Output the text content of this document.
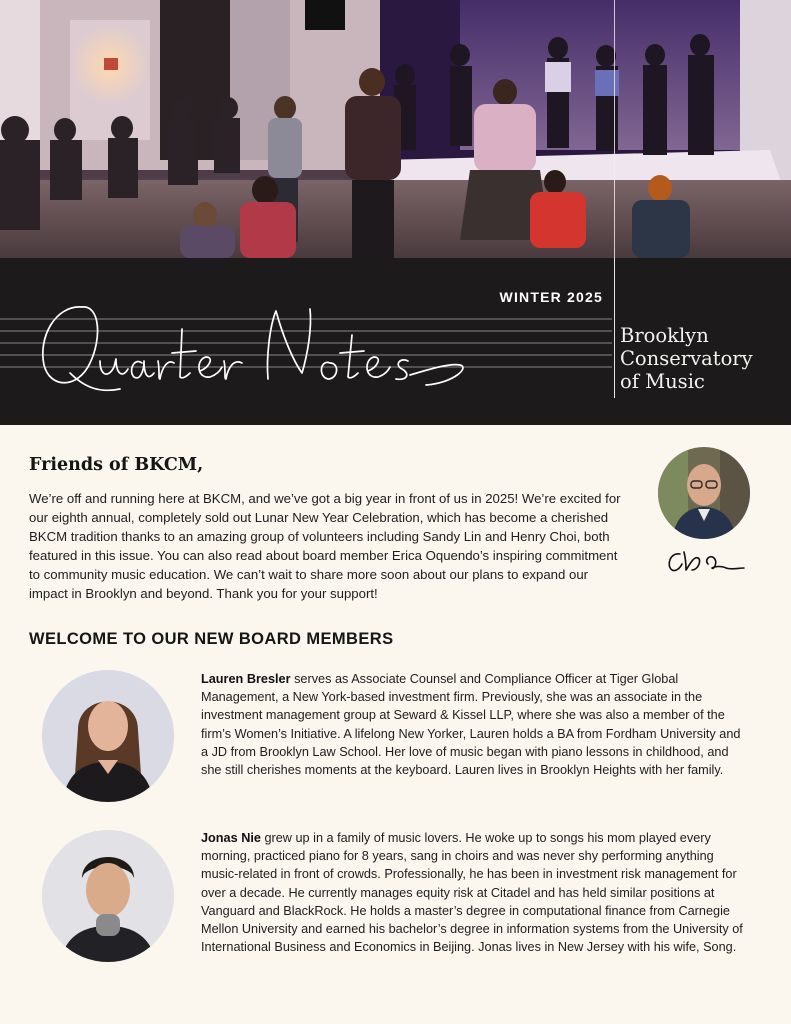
WINTER 2025
Brooklyn
Conservatory
of Music
Friends of BKCM,
We’re off and running here at BKCM, and we’ve got a big year in front of us in 2025! We’re excited for our eighth annual, completely sold out Lunar New Year Celebration, which has become a cherished BKCM tradition thanks to an amazing group of volunteers including Sandy Lin and Henry Choi, both featured in this issue. You can also read about board member Erica Oquendo’s inspiring commitment to community music education. We can’t wait to share more soon about our plans to expand our impact in Brooklyn and beyond. Thank you for your support!
WELCOME TO OUR NEW BOARD MEMBERS
Lauren Bresler serves as Associate Counsel and Compliance Officer at Tiger Global Management, a New York-based investment firm. Previously, she was an associate in the investment management group at Seward & Kissel LLP, where she was also a member of the firm’s Women’s Initiative. A lifelong New Yorker, Lauren holds a BA from Fordham University and a JD from Brooklyn Law School. Her love of music began with piano lessons in childhood, and she still cherishes moments at the keyboard. Lauren lives in Brooklyn Heights with her family.
Jonas Nie grew up in a family of music lovers. He woke up to songs his mom played every morning, practiced piano for 8 years, sang in choirs and was never shy performing anything music-related in front of crowds. Professionally, he has been in investment risk management for over a decade. He currently manages equity risk at Citadel and has held similar positions at Vanguard and BlackRock. He holds a master’s degree in computational finance from Carnegie Mellon University and earned his bachelor’s degree in information systems from the University of International Business and Economics in Beijing. Jonas lives in New Jersey with his wife, Song.
